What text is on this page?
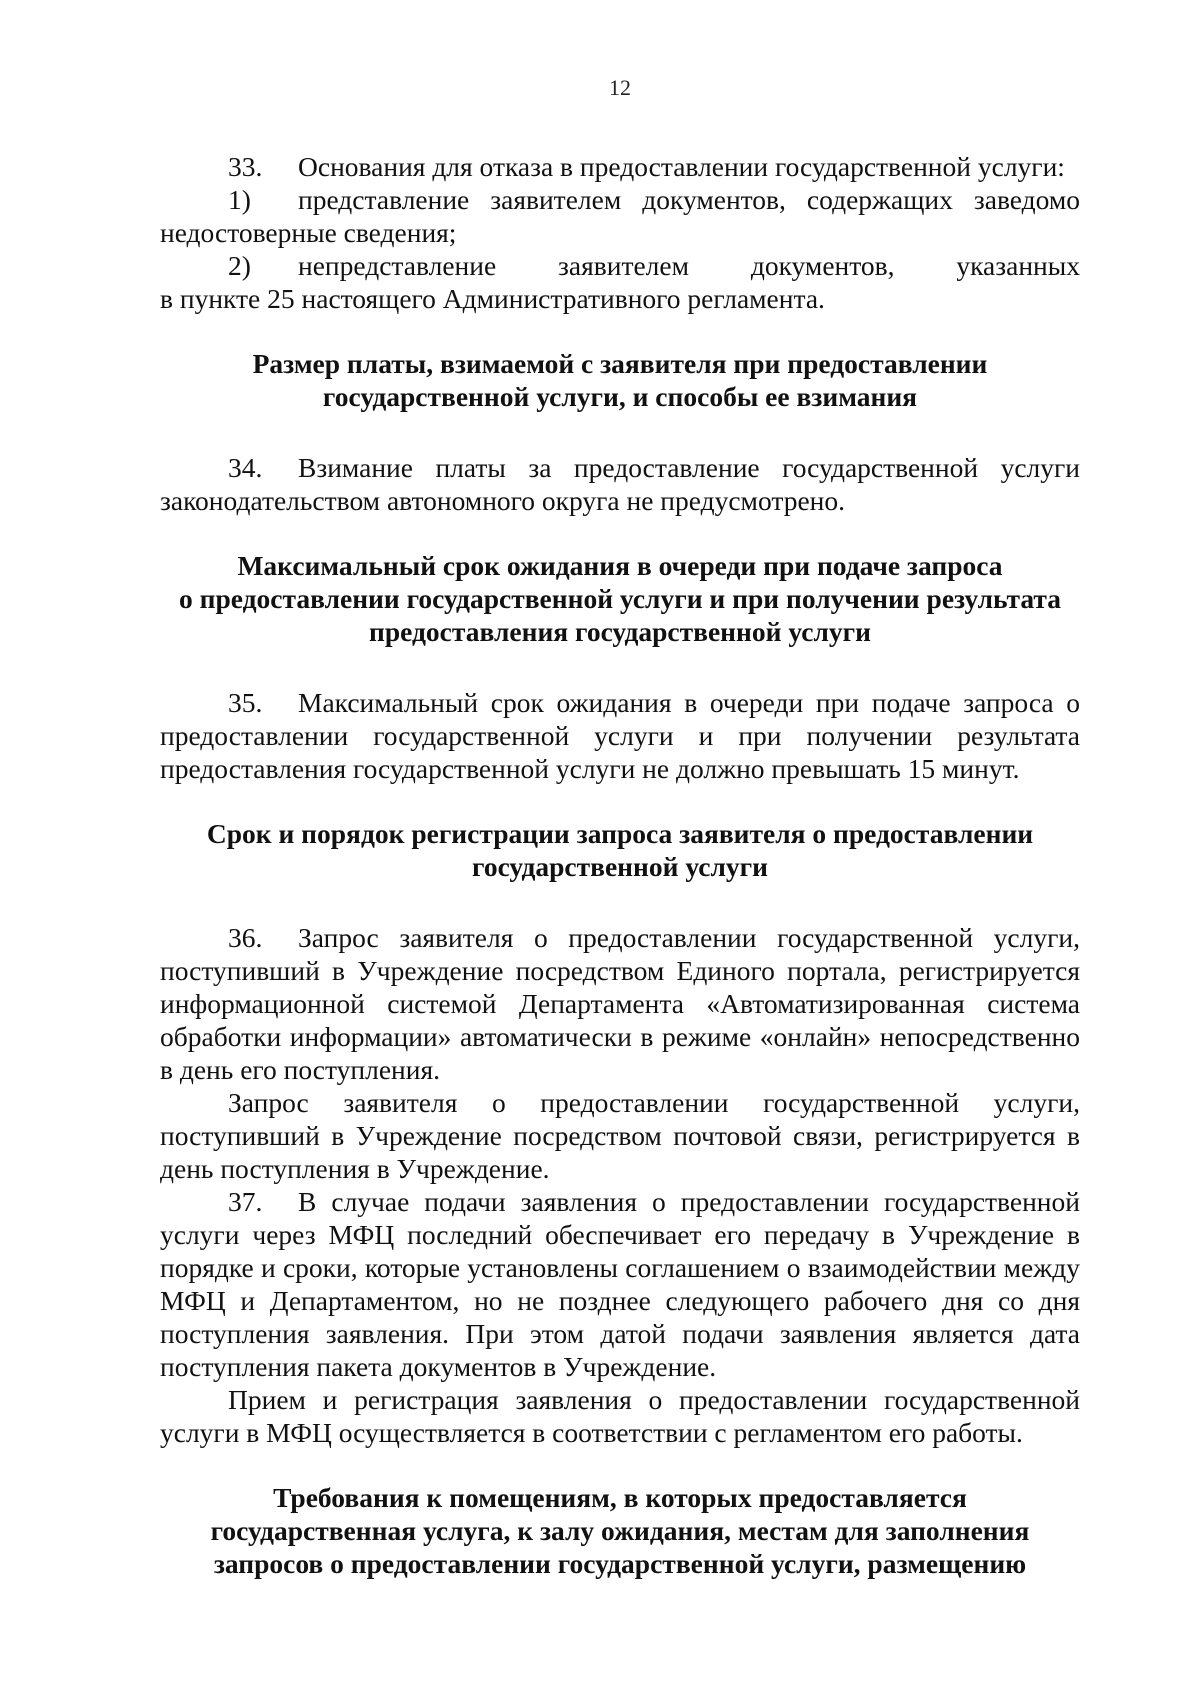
12

33. Основания для отказа в предоставлении государственной услуги:

1) представление заявителем документов, содержащих заведомо недостоверные сведения;

2) непредставление заявителем документов, указанных

в пункте 25 настоящего Административного регламента.

Размер платы, взимаемой с заявителя при предоставлении
государственной услуги, и способы ее взимания

34. Взимание платы за предоставление государственной услуги законодательством автономного округа не предусмотрено.

Максимальный срок ожидания в очереди при подаче запроса
о предоставлении государственной услуги и при получении результата
предоставления государственной услуги

35. Максимальный срок ожидания в очереди при подаче запроса о предоставлении государственной услуги и при получении результата предоставления государственной услуги не должно превышать 15 минут.

Срок и порядок регистрации запроса заявителя о предоставлении
государственной услуги

36. Запрос заявителя о предоставлении государственной услуги, поступивший в Учреждение посредством Единого портала, регистрируется информационной системой Департамента «Автоматизированная система обработки информации» автоматически в режиме «онлайн» непосредственно в день его поступления.

Запрос заявителя о предоставлении государственной услуги, поступивший в Учреждение посредством почтовой связи, регистрируется в день поступления в Учреждение.

37. В случае подачи заявления о предоставлении государственной услуги через МФЦ последний обеспечивает его передачу в Учреждение в порядке и сроки, которые установлены соглашением о взаимодействии между МФЦ и Департаментом, но не позднее следующего рабочего дня со дня поступления заявления. При этом датой подачи заявления является дата поступления пакета документов в Учреждение.

Прием и регистрация заявления о предоставлении государственной услуги в МФЦ осуществляется в соответствии с регламентом его работы.

Требования к помещениям, в которых предоставляется
государственная услуга, к залу ожидания, местам для заполнения
запросов о предоставлении государственной услуги, размещению
